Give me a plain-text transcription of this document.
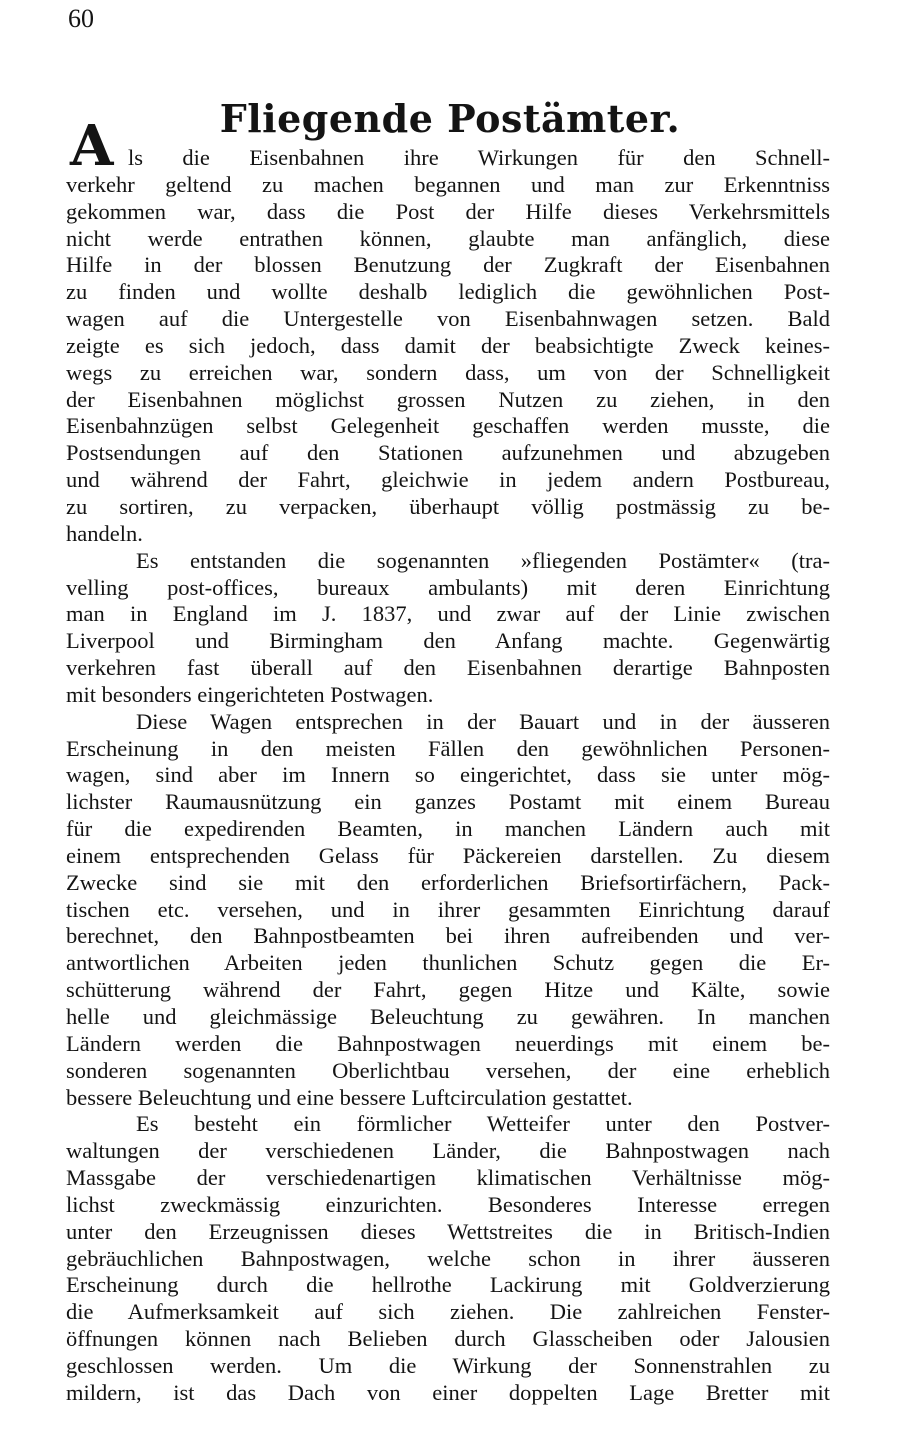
60
Fliegende Postämter.
A ls die Eisenbahnen ihre Wirkungen für den Schnell-
verkehr geltend zu machen begannen und man zur Erkenntniss
gekommen war, dass die Post der Hilfe dieses Verkehrsmittels
nicht werde entrathen können, glaubte man anfänglich, diese
Hilfe in der blossen Benutzung der Zugkraft der Eisenbahnen
zu finden und wollte deshalb lediglich die gewöhnlichen Post-
wagen auf die Untergestelle von Eisenbahnwagen setzen. Bald
zeigte es sich jedoch, dass damit der beabsichtigte Zweck keines-
wegs zu erreichen war, sondern dass, um von der Schnelligkeit
der Eisenbahnen möglichst grossen Nutzen zu ziehen, in den
Eisenbahnzügen selbst Gelegenheit geschaffen werden musste, die
Postsendungen auf den Stationen aufzunehmen und abzugeben
und während der Fahrt, gleichwie in jedem andern Postbureau,
zu sortiren, zu verpacken, überhaupt völlig postmässig zu be-
handeln.
Es entstanden die sogenannten »fliegenden Postämter« (tra-
velling post-offices, bureaux ambulants) mit deren Einrichtung
man in England im J. 1837, und zwar auf der Linie zwischen
Liverpool und Birmingham den Anfang machte. Gegenwärtig
verkehren fast überall auf den Eisenbahnen derartige Bahnposten
mit besonders eingerichteten Postwagen.
Diese Wagen entsprechen in der Bauart und in der äusseren
Erscheinung in den meisten Fällen den gewöhnlichen Personen-
wagen, sind aber im Innern so eingerichtet, dass sie unter mög-
lichster Raumausnützung ein ganzes Postamt mit einem Bureau
für die expedirenden Beamten, in manchen Ländern auch mit
einem entsprechenden Gelass für Päckereien darstellen. Zu diesem
Zwecke sind sie mit den erforderlichen Briefsortirfächern, Pack-
tischen etc. versehen, und in ihrer gesammten Einrichtung darauf
berechnet, den Bahnpostbeamten bei ihren aufreibenden und ver-
antwortlichen Arbeiten jeden thunlichen Schutz gegen die Er-
schütterung während der Fahrt, gegen Hitze und Kälte, sowie
helle und gleichmässige Beleuchtung zu gewähren. In manchen
Ländern werden die Bahnpostwagen neuerdings mit einem be-
sonderen sogenannten Oberlichtbau versehen, der eine erheblich
bessere Beleuchtung und eine bessere Luftcirculation gestattet.
Es besteht ein förmlicher Wetteifer unter den Postver-
waltungen der verschiedenen Länder, die Bahnpostwagen nach
Massgabe der verschiedenartigen klimatischen Verhältnisse mög-
lichst zweckmässig einzurichten. Besonderes Interesse erregen
unter den Erzeugnissen dieses Wettstreites die in Britisch-Indien
gebräuchlichen Bahnpostwagen, welche schon in ihrer äusseren
Erscheinung durch die hellrothe Lackirung mit Goldverzierung
die Aufmerksamkeit auf sich ziehen. Die zahlreichen Fenster-
öffnungen können nach Belieben durch Glasscheiben oder Jalousien
geschlossen werden. Um die Wirkung der Sonnenstrahlen zu
mildern, ist das Dach von einer doppelten Lage Bretter mit
